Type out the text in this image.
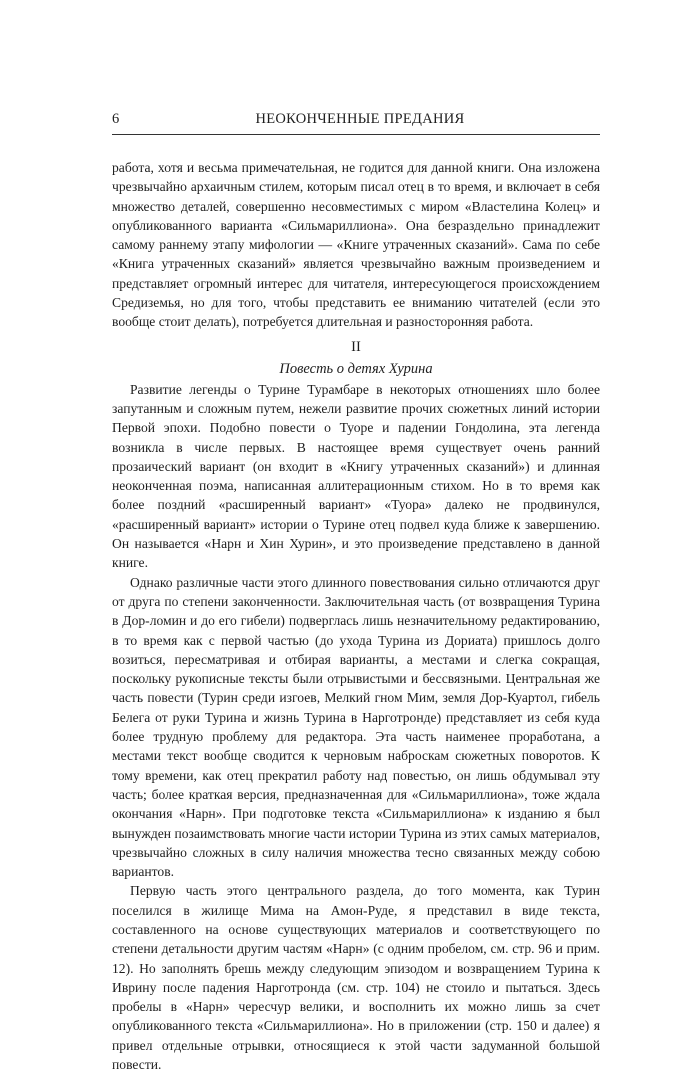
6	НЕОКОНЧЕННЫЕ ПРЕДАНИЯ

работа, хотя и весьма примечательная, не годится для данной книги. Она изложена чрезвычайно архаичным стилем, которым писал отец в то время, и включает в себя множество деталей, совершенно несовместимых с миром «Властелина Колец» и опубликованного варианта «Сильмариллиона». Она безраздельно принадлежит самому раннему этапу мифологии — «Книге утраченных сказаний». Сама по себе «Книга утраченных сказаний» является чрезвычайно важным произведением и представляет огромный интерес для читателя, интересующегося происхождением Средиземья, но для того, чтобы представить ее вниманию читателей (если это вообще стоит делать), потребуется длительная и разносторонняя работа.

II
Повесть о детях Хурина

Развитие легенды о Турине Турамбаре в некоторых отношениях шло более запутанным и сложным путем, нежели развитие прочих сюжетных линий истории Первой эпохи. Подобно повести о Туоре и падении Гондолина, эта легенда возникла в числе первых. В настоящее время существует очень ранний прозаический вариант (он входит в «Книгу утраченных сказаний») и длинная неоконченная поэма, написанная аллитерационным стихом. Но в то время как более поздний «расширенный вариант» «Туора» далеко не продвинулся, «расширенный вариант» истории о Турине отец подвел куда ближе к завершению. Он называется «Нарн и Хин Хурин», и это произведение представлено в данной книге.

Однако различные части этого длинного повествования сильно отличаются друг от друга по степени законченности. Заключительная часть (от возвращения Турина в Дор-ломин и до его гибели) подверглась лишь незначительному редактированию, в то время как с первой частью (до ухода Турина из Дориата) пришлось долго возиться, пересматривая и отбирая варианты, а местами и слегка сокращая, поскольку рукописные тексты были отрывистыми и бессвязными. Центральная же часть повести (Турин среди изгоев, Мелкий гном Мим, земля Дор-Куартол, гибель Белега от руки Турина и жизнь Турина в Нарготронде) представляет из себя куда более трудную проблему для редактора. Эта часть наименее проработана, а местами текст вообще сводится к черновым наброскам сюжетных поворотов. К тому времени, как отец прекратил работу над повестью, он лишь обдумывал эту часть; более краткая версия, предназначенная для «Сильмариллиона», тоже ждала окончания «Нарн». При подготовке текста «Сильмариллиона» к изданию я был вынужден позаимствовать многие части истории Турина из этих самых материалов, чрезвычайно сложных в силу наличия множества тесно связанных между собою вариантов.

Первую часть этого центрального раздела, до того момента, как Турин поселился в жилище Мима на Амон-Руде, я представил в виде текста, составленного на основе существующих материалов и соответствующего по степени детальности другим частям «Нарн» (с одним пробелом, см. стр. 96 и прим. 12). Но заполнять брешь между следующим эпизодом и возвращением Турина к Иврину после падения Нарготронда (см. стр. 104) не стоило и пытаться. Здесь пробелы в «Нарн» чересчур велики, и восполнить их можно лишь за счет опубликованного текста «Сильмариллиона». Но в приложении (стр. 150 и далее) я привел отдельные отрывки, относящиеся к этой части задуманной большой повести.
